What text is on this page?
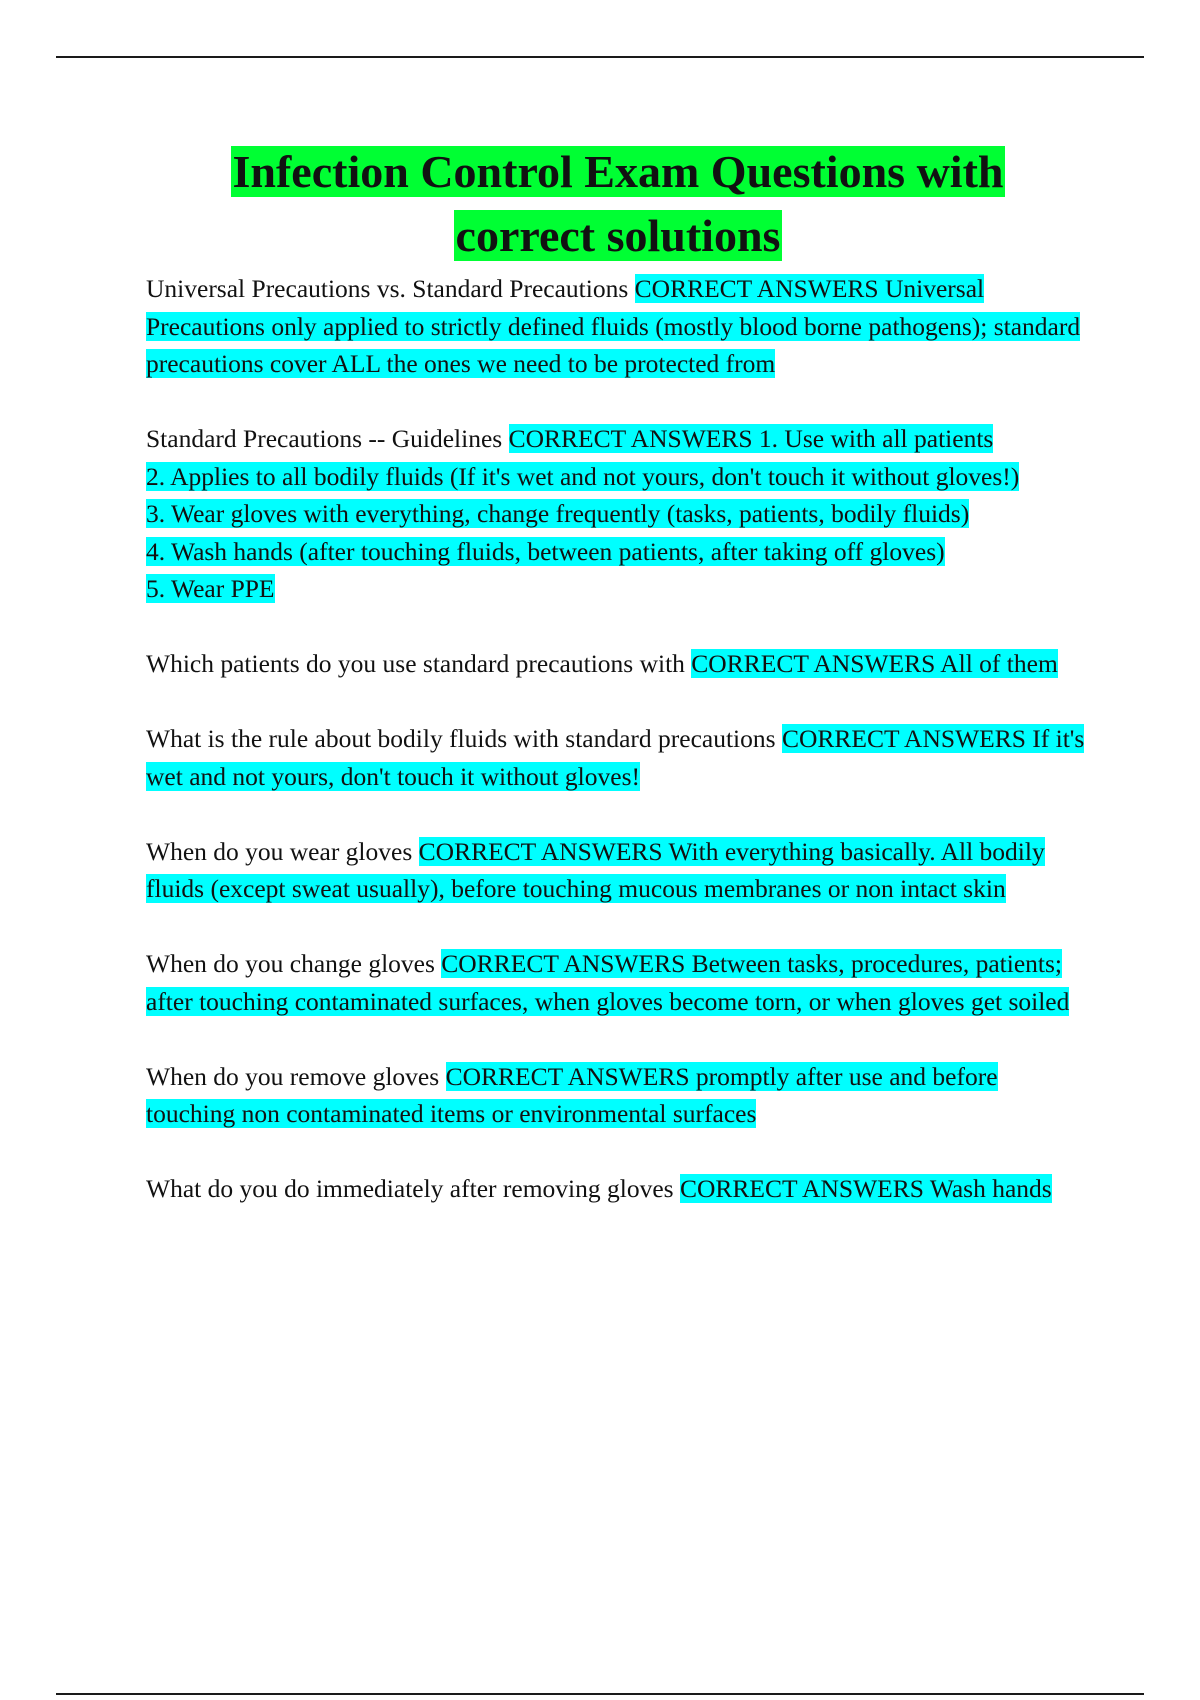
Infection Control Exam Questions with
correct solutions

Universal Precautions vs. Standard Precautions CORRECT ANSWERS Universal Precautions only applied to strictly defined fluids (mostly blood borne pathogens); standard precautions cover ALL the ones we need to be protected from

Standard Precautions -- Guidelines CORRECT ANSWERS 1. Use with all patients
2. Applies to all bodily fluids (If it's wet and not yours, don't touch it without gloves!)
3. Wear gloves with everything, change frequently (tasks, patients, bodily fluids)
4. Wash hands (after touching fluids, between patients, after taking off gloves)
5. Wear PPE

Which patients do you use standard precautions with CORRECT ANSWERS All of them

What is the rule about bodily fluids with standard precautions CORRECT ANSWERS If it's wet and not yours, don't touch it without gloves!

When do you wear gloves CORRECT ANSWERS With everything basically. All bodily fluids (except sweat usually), before touching mucous membranes or non intact skin

When do you change gloves CORRECT ANSWERS Between tasks, procedures, patients; after touching contaminated surfaces, when gloves become torn, or when gloves get soiled

When do you remove gloves CORRECT ANSWERS promptly after use and before touching non contaminated items or environmental surfaces

What do you do immediately after removing gloves CORRECT ANSWERS Wash hands
